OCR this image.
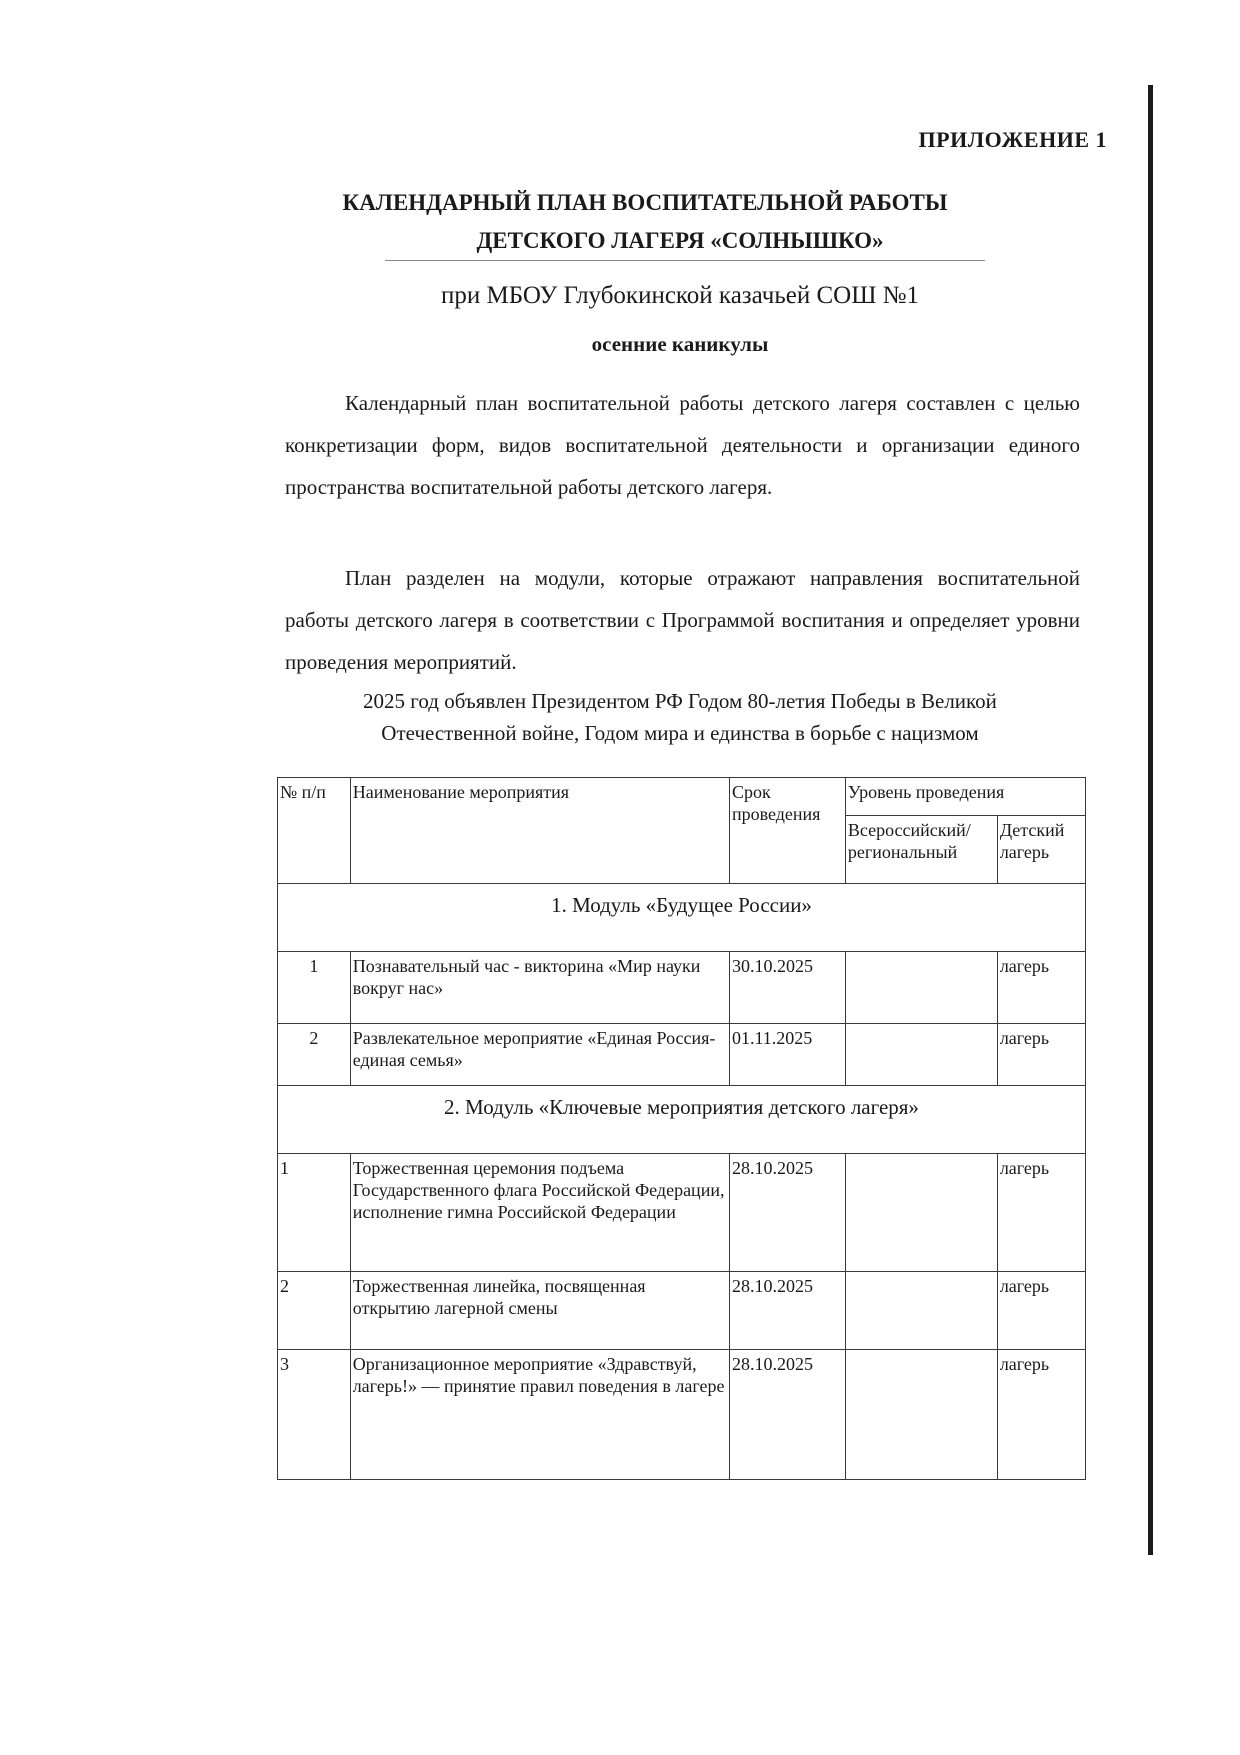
ПРИЛОЖЕНИЕ 1
КАЛЕНДАРНЫЙ ПЛАН ВОСПИТАТЕЛЬНОЙ РАБОТЫ
ДЕТСКОГО ЛАГЕРЯ «СОЛНЫШКО»
при МБОУ Глубокинской казачьей СОШ №1
осенние каникулы
Календарный план воспитательной работы детского лагеря составлен с целью конкретизации форм, видов воспитательной деятельности и организации единого пространства воспитательной работы детского лагеря.
План разделен на модули, которые отражают направления воспитательной работы детского лагеря в соответствии с Программой воспитания и определяет уровни проведения мероприятий.
2025 год объявлен Президентом РФ Годом 80-летия Победы в Великой
Отечественной войне, Годом мира и единства в борьбе с нацизмом
№ п/п	Наименование мероприятия	Срок проведения	Уровень проведения	
			Всероссийский/ региональный	Детский лагерь
1. Модуль «Будущее России»				
1	Познавательный час - викторина «Мир науки вокруг нас»	30.10.2025		лагерь
2	Развлекательное мероприятие «Единая Россия- единая семья»	01.11.2025		лагерь
2. Модуль «Ключевые мероприятия детского лагеря»				
1	Торжественная церемония подъема Государственного флага Российской Федерации, исполнение гимна Российской Федерации	28.10.2025		лагерь
2	Торжественная линейка, посвященная открытию лагерной смены	28.10.2025		лагерь
3	Организационное мероприятие «Здравствуй, лагерь!» — принятие правил поведения в лагере	28.10.2025		лагерь
